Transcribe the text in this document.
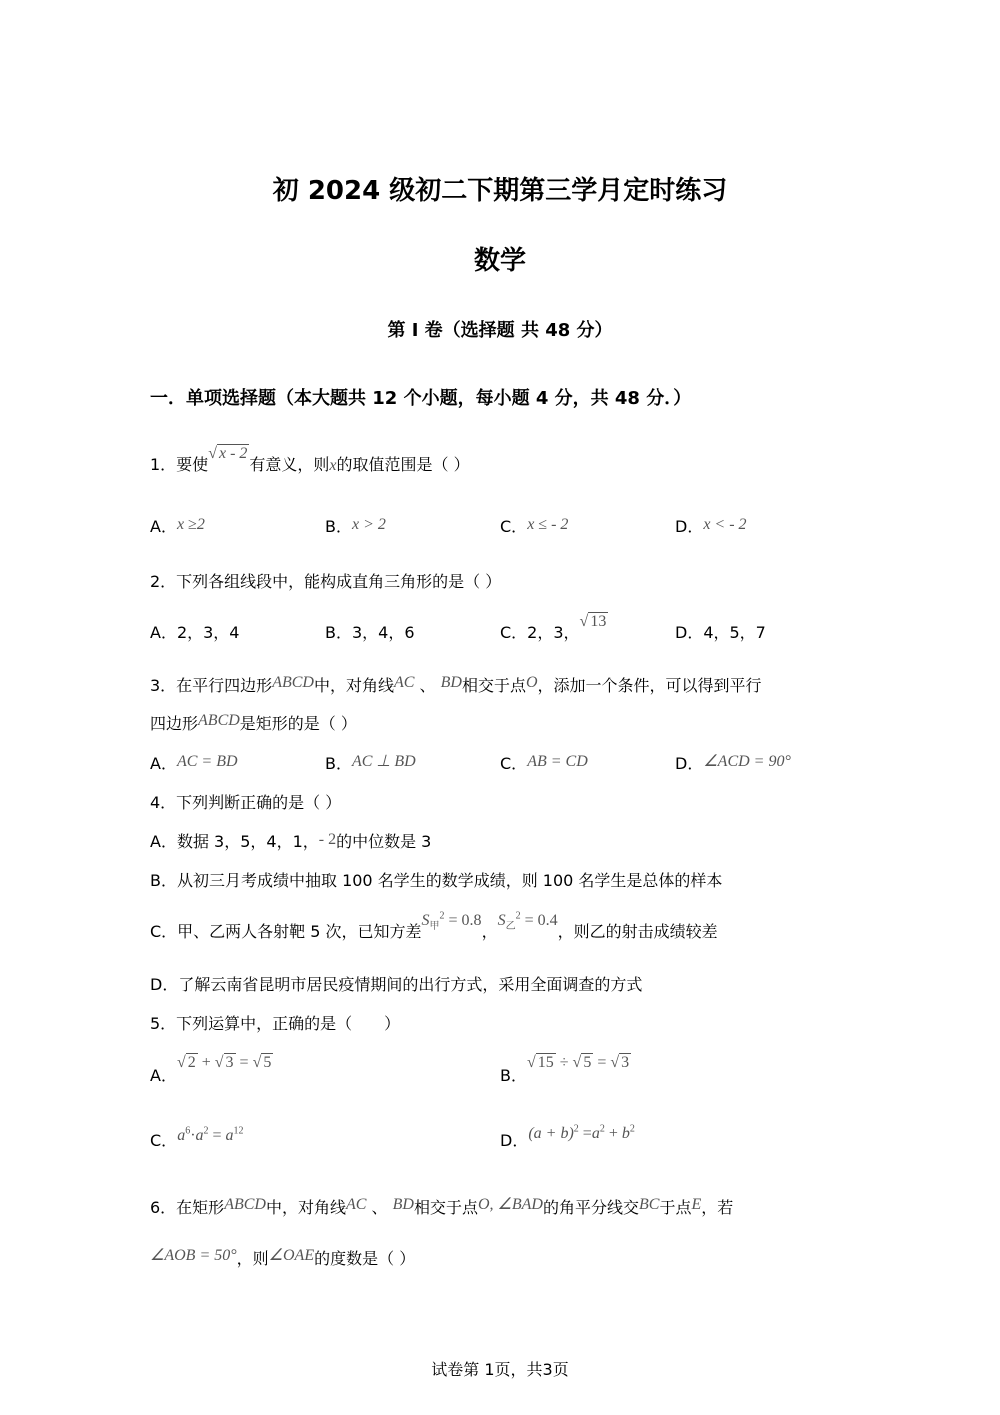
初 2024 级初二下期第三学月定时练习
数学
第 I 卷（选择题 共 48 分）
一．单项选择题（本大题共 12 个小题，每小题 4 分，共 48 分．）
1．要使√ x - 2有意义，则x的取值范围是（ ）
A．x ≥2	B．x > 2	C．x ≤ - 2	D．x < - 2
2．下列各组线段中，能构成直角三角形的是（ ）
A．2，3，4	B．3，4，6	C．2，3，√ 13
D．4，5，7
3．在平行四边形ABCD中，对角线AC 、 BD相交于点O，添加一个条件，可以得到平行
四边形ABCD是矩形的是（ ）
A．AC = BD	B．AC ⊥ BD	C．AB = CD	D．∠ACD = 90°
4．下列判断正确的是（ ）
A．数据 3，5，4，1，- 2的中位数是 3
B．从初三月考成绩中抽取 100 名学生的数学成绩，则 100 名学生是总体的样本
C．甲、乙两人各射靶 5 次，已知方差$S_甲^2 = 0.8$，$S_乙^2 = 0.4$，则乙的射击成绩较差
D．了解云南省昆明市居民疫情期间的出行方式，采用全面调查的方式
5．下列运算中，正确的是（　　）
A．√ 2 + √ 3 = √ 5
B．√ 15 ÷ √ 5 = √ 3
C．$a^6\cdot a^2 = a^{12}$	D．$(a + b)^2 =a^2 + b^2$
6．在矩形ABCD中，对角线AC 、 BD相交于点O, ∠BAD的角平分线交BC于点E，若
∠AOB = 50°，则∠OAE的度数是（ ）
试卷第 1页，共3页
